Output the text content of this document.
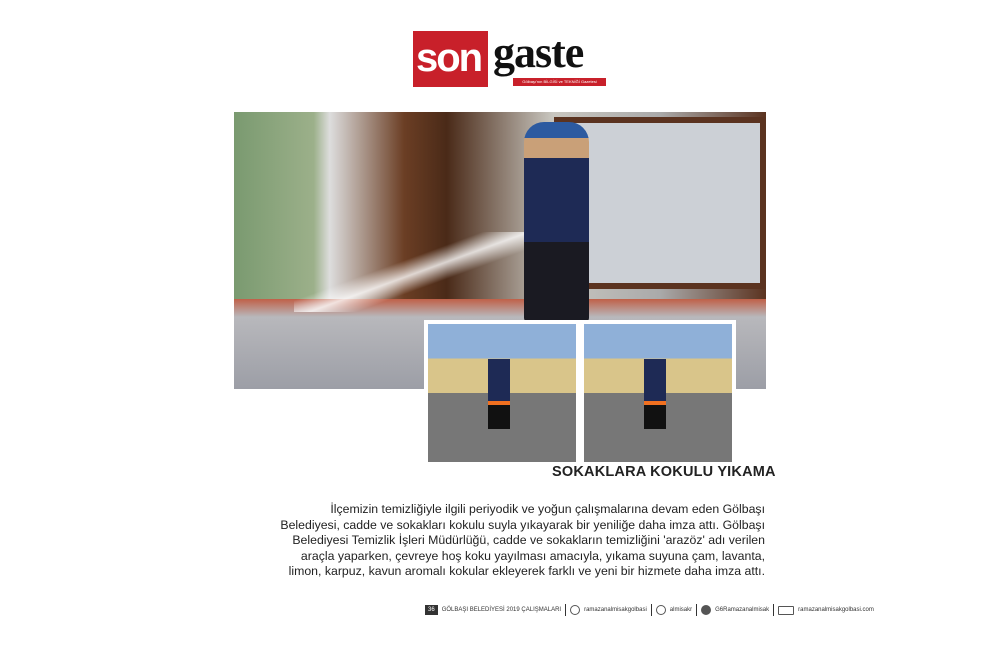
son gaste
Gölbaşı'nın BİLGİSİ ve TEKNİĞİ Gazetesi
SOKAKLARA KOKULU YIKAMA
İlçemizin temizliğiyle ilgili periyodik ve yoğun çalışmalarına devam eden Gölbaşı Belediyesi, cadde ve sokakları kokulu suyla yıkayarak bir yeniliğe daha imza attı. Gölbaşı Belediyesi Temizlik İşleri Müdürlüğü, cadde ve sokakların temizliğini 'arazöz' adı verilen araçla yaparken, çevreye hoş koku yayılması amacıyla, yıkama suyuna çam, lavanta, limon, karpuz, kavun aromalı kokular ekleyerek farklı ve yeni bir hizmete daha imza attı.
36	GÖLBAŞI BELEDİYESİ 2019 ÇALIŞMALARI	ramazanalmisakgolbasi	almisakr	G6Ramazanalmisak	ramazanalmisakgolbasi.com
